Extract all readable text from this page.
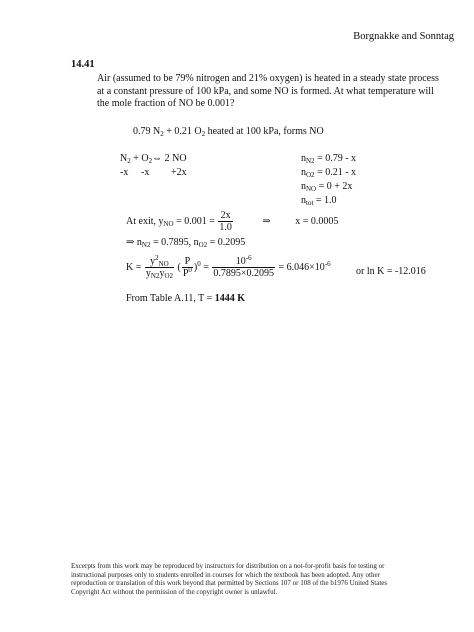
Borgnakke and Sonntag
14.41
Air (assumed to be 79% nitrogen and 21% oxygen) is heated in a steady state process at a constant pressure of 100 kPa, and some NO is formed. At what temperature will the mole fraction of NO be 0.001?
0.79 $N_2 + 0.21$ $O_2$ heated at 100 kPa, forms NO
$N_2$ + $O_2\Leftrightarrow$ 2 NO
-x -x +2x
$n_{N2} = 0.79 - x$
$n_{O2} = 0.21 - x$
$n_{NO} = 0 + 2x$
$n_{tot} = 1.0$
At exit, $y_{NO} = 0.001 = \frac{2x}{1.0}$	⇒ x = 0.0005
⇒ $n_{N2} = 0.7895$, $n_{O2} = 0.2095$
$K = \frac{y^2_{NO}}{y_{N2}y_{O2}}$ ( $\frac{P}{P^0} )^0 = \frac{10^{-6}}{0.7895\times 0.2095} = 6.046\times 10^{-6}$
or ln K = -12.016
From Table A.11, T = 1444 K
Excerpts from this work may be reproduced by instructors for distribution on a not-for-profit basis for testing or instructional purposes only to students enrolled in courses for which the textbook has been adopted. Any other reproduction or translation of this work beyond that permitted by Sections 107 or 108 of the b1976 United States Copyright Act without the permission of the copyright owner is unlawful.
